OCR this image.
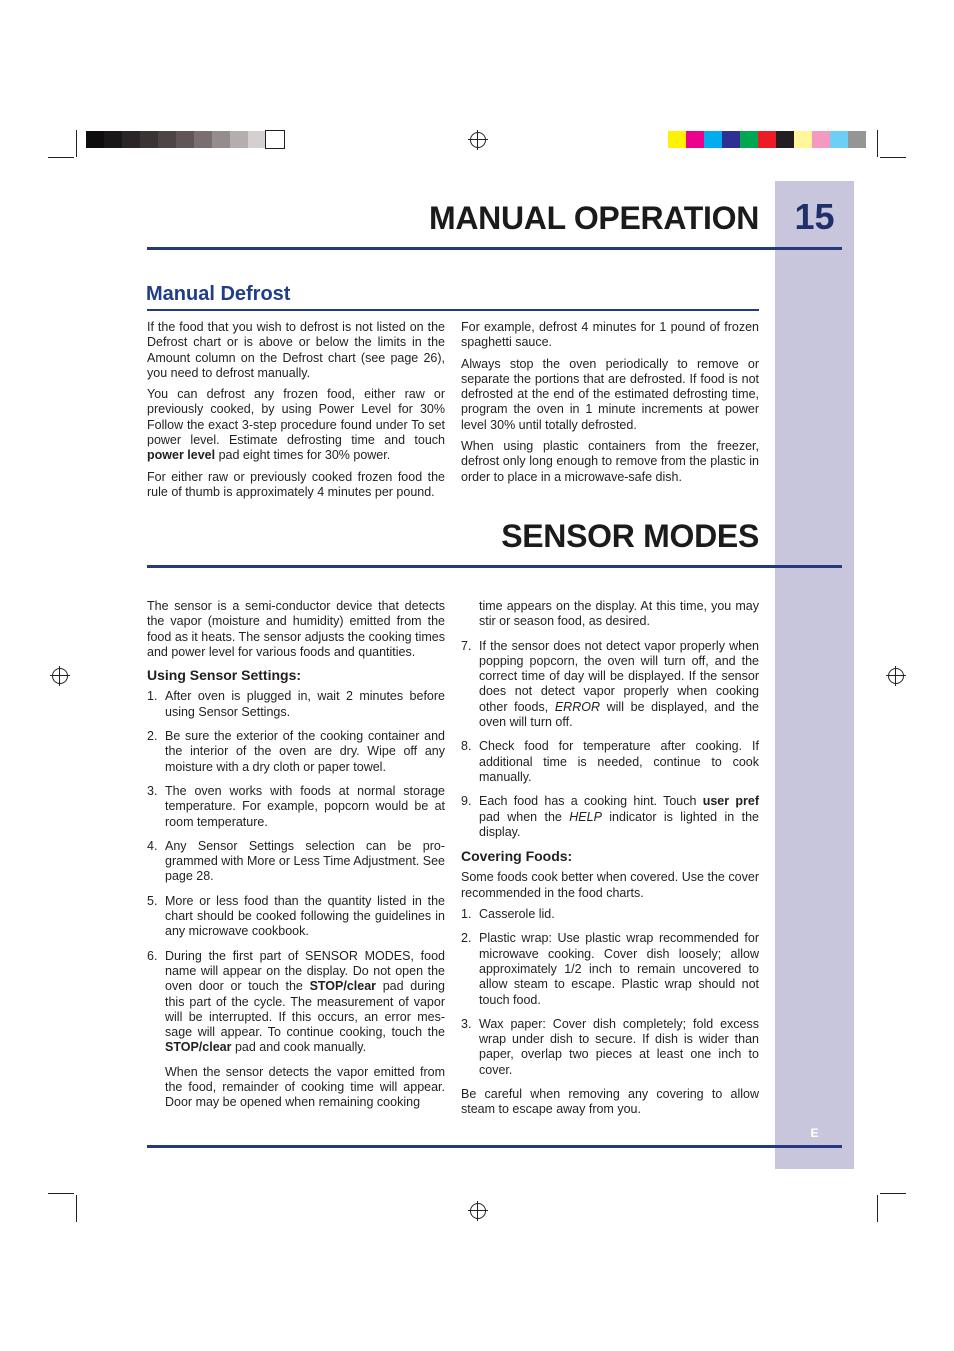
15
E
MANUAL OPERATION
Manual Defrost

If the food that you wish to defrost is not listed on the Defrost chart or is above or below the limits in the Amount column on the Defrost chart (see page 26), you need to defrost manually.

You can defrost any frozen food, either raw or previously cooked, by using Power Level for 30% Follow the exact 3-step procedure found under To set power level. Estimate defrosting time and touch power level pad eight times for 30% power.

For either raw or previously cooked frozen food the rule of thumb is approximately 4 minutes per pound.

For example, defrost 4 minutes for 1 pound of frozen spaghetti sauce.

Always stop the oven periodically to remove or separate the portions that are defrosted. If food is not defrosted at the end of the estimated defrosting time, program the oven in 1 minute increments at power level 30% until totally defrosted.

When using plastic containers from the freezer, defrost only long enough to remove from the plastic in order to place in a microwave-safe dish.

SENSOR MODES

The sensor is a semi-conductor device that detects the vapor (moisture and humidity) emitted from the food as it heats. The sensor adjusts the cooking times and power level for various foods and quantities.

Using Sensor Settings:
1. After oven is plugged in, wait 2 minutes before using Sensor Settings.
2. Be sure the exterior of the cooking container and the interior of the oven are dry. Wipe off any moisture with a dry cloth or paper towel.
3. The oven works with foods at normal storage temperature. For example, popcorn would be at room temperature.
4. Any Sensor Settings selection can be pro-grammed with More or Less Time Adjustment. See page 28.
5. More or less food than the quantity listed in the chart should be cooked following the guidelines in any microwave cookbook.
6. During the first part of SENSOR MODES, food name will appear on the display. Do not open the oven door or touch the STOP/clear pad during this part of the cycle. The measurement of vapor will be interrupted. If this occurs, an error mes-sage will appear. To continue cooking, touch the STOP/clear pad and cook manually.
When the sensor detects the vapor emitted from the food, remainder of cooking time will appear. Door may be opened when remaining cooking
time appears on the display. At this time, you may stir or season food, as desired.
7. If the sensor does not detect vapor properly when popping popcorn, the oven will turn off, and the correct time of day will be displayed. If the sensor does not detect vapor properly when cooking other foods, ERROR will be displayed, and the oven will turn off.
8. Check food for temperature after cooking. If additional time is needed, continue to cook manually.
9. Each food has a cooking hint. Touch user pref pad when the HELP indicator is lighted in the display.
Covering Foods:

Some foods cook better when covered. Use the cover recommended in the food charts.

1. Casserole lid.
2. Plastic wrap: Use plastic wrap recommended for microwave cooking. Cover dish loosely; allow approximately 1/2 inch to remain uncovered to allow steam to escape. Plastic wrap should not touch food.
3. Wax paper: Cover dish completely; fold excess wrap under dish to secure. If dish is wider than paper, overlap two pieces at least one inch to cover.

Be careful when removing any covering to allow steam to escape away from you.
